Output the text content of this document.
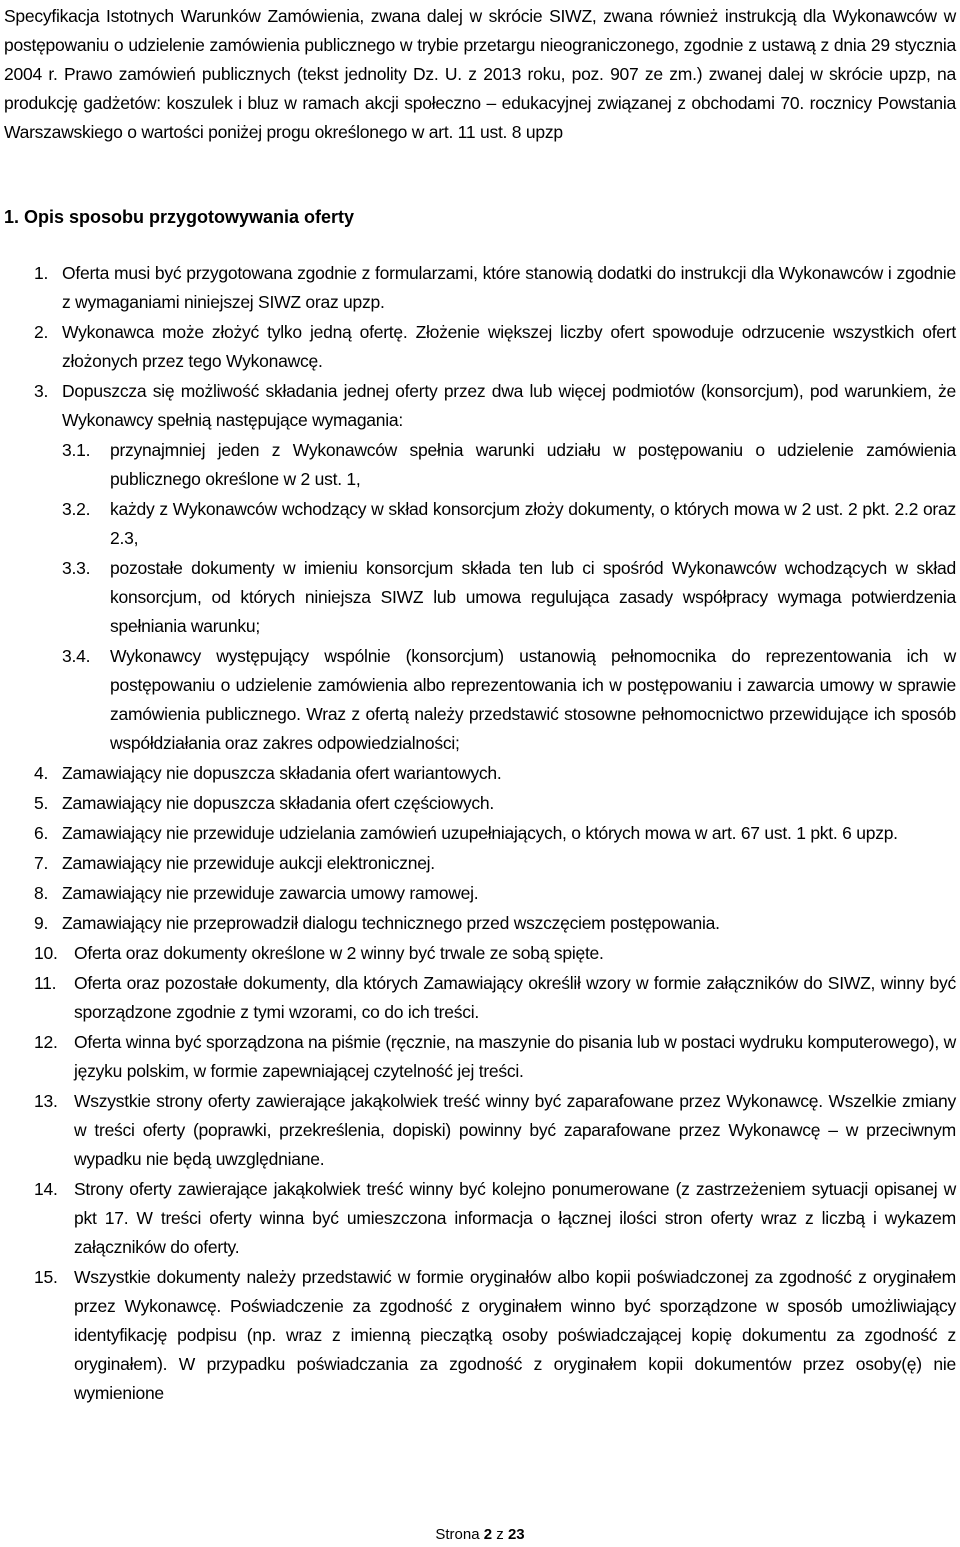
Specyfikacja Istotnych Warunków Zamówienia, zwana dalej w skrócie SIWZ, zwana również instrukcją dla Wykonawców w postępowaniu o udzielenie zamówienia publicznego w trybie przetargu nieograniczonego, zgodnie z ustawą z dnia 29 stycznia 2004 r. Prawo zamówień publicznych (tekst jednolity Dz. U. z 2013 roku, poz. 907 ze zm.) zwanej dalej w skrócie upzp, na produkcję gadżetów: koszulek i bluz w ramach akcji społeczno – edukacyjnej związanej z obchodami 70. rocznicy Powstania Warszawskiego o wartości poniżej progu określonego w art. 11 ust. 8 upzp

1. Opis sposobu przygotowywania oferty
1. Oferta musi być przygotowana zgodnie z formularzami, które stanowią dodatki do instrukcji dla Wykonawców i zgodnie z wymaganiami niniejszej SIWZ oraz upzp.
2. Wykonawca może złożyć tylko jedną ofertę. Złożenie większej liczby ofert spowoduje odrzucenie wszystkich ofert złożonych przez tego Wykonawcę.
3. Dopuszcza się możliwość składania jednej oferty przez dwa lub więcej podmiotów (konsorcjum), pod warunkiem, że Wykonawcy spełnią następujące wymagania:
3.1. przynajmniej jeden z Wykonawców spełnia warunki udziału w postępowaniu o udzielenie zamówienia publicznego określone w 2 ust. 1,
3.2. każdy z Wykonawców wchodzący w skład konsorcjum złoży dokumenty, o których mowa w 2 ust. 2 pkt. 2.2 oraz 2.3,
3.3. pozostałe dokumenty w imieniu konsorcjum składa ten lub ci spośród Wykonawców wchodzących w skład konsorcjum, od których niniejsza SIWZ lub umowa regulująca zasady współpracy wymaga potwierdzenia spełniania warunku;
3.4. Wykonawcy występujący wspólnie (konsorcjum) ustanowią pełnomocnika do reprezentowania ich w postępowaniu o udzielenie zamówienia albo reprezentowania ich w postępowaniu i zawarcia umowy w sprawie zamówienia publicznego. Wraz z ofertą należy przedstawić stosowne pełnomocnictwo przewidujące ich sposób współdziałania oraz zakres odpowiedzialności;
4. Zamawiający nie dopuszcza składania ofert wariantowych.
5. Zamawiający nie dopuszcza składania ofert częściowych.
6. Zamawiający nie przewiduje udzielania zamówień uzupełniających, o których mowa w art. 67 ust. 1 pkt. 6 upzp.
7. Zamawiający nie przewiduje aukcji elektronicznej.
8. Zamawiający nie przewiduje zawarcia umowy ramowej.
9. Zamawiający nie przeprowadził dialogu technicznego przed wszczęciem postępowania.
10. Oferta oraz dokumenty określone w 2 winny być trwale ze sobą spięte.
11. Oferta oraz pozostałe dokumenty, dla których Zamawiający określił wzory w formie załączników do SIWZ, winny być sporządzone zgodnie z tymi wzorami, co do ich treści.
12. Oferta winna być sporządzona na piśmie (ręcznie, na maszynie do pisania lub w postaci wydruku komputerowego), w języku polskim, w formie zapewniającej czytelność jej treści.
13. Wszystkie strony oferty zawierające jakąkolwiek treść winny być zaparafowane przez Wykonawcę. Wszelkie zmiany w treści oferty (poprawki, przekreślenia, dopiski) powinny być zaparafowane przez Wykonawcę – w przeciwnym wypadku nie będą uwzględniane.
14. Strony oferty zawierające jakąkolwiek treść winny być kolejno ponumerowane (z zastrzeżeniem sytuacji opisanej w pkt 17. W treści oferty winna być umieszczona informacja o łącznej ilości stron oferty wraz z liczbą i wykazem załączników do oferty.
15. Wszystkie dokumenty należy przedstawić w formie oryginałów albo kopii poświadczonej za zgodność z oryginałem przez Wykonawcę. Poświadczenie za zgodność z oryginałem winno być sporządzone w sposób umożliwiający identyfikację podpisu (np. wraz z imienną pieczątką osoby poświadczającej kopię dokumentu za zgodność z oryginałem). W przypadku poświadczania za zgodność z oryginałem kopii dokumentów przez osoby(ę) nie wymienione
Strona 2 z 23
